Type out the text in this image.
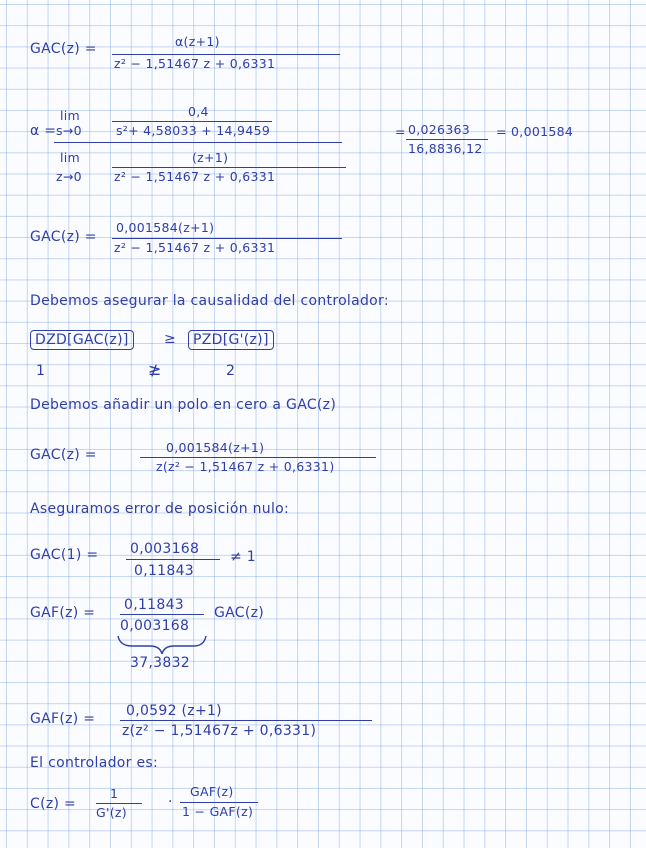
GAC(z) =	α(z+1)
z² − 1,51467 z + 0,6331
lim	0,4
α = s→0	s²+ 4,58033 + 14,9459	= 0,026363
16,8836,12
= 0,001584
lim	(z+1)
z→0	z² − 1,51467 z + 0,6331
GAC(z) =
0,001584(z+1)
z² − 1,51467 z + 0,6331
Debemos asegurar la causalidad del controlador:
DZD[GAC(z)]	≥	PZD[G'(z)]
1	≱	2
Debemos añadir un polo en cero a GAC(z)
GAC(z) =	0,001584(z+1)
z(z² − 1,51467 z + 0,6331)
Aseguramos error de posición nulo:
GAC(1) = 0,003168
0,11843
≠ 1
GAF(z) = 0,11843
0,003168
GAC(z)
37,3832
GAF(z) = 0,0592 (z+1)
z(z² − 1,51467z + 0,6331)
El controlador es:
C(z) =
1
G'(z)
·
GAF(z)
1 − GAF(z)
